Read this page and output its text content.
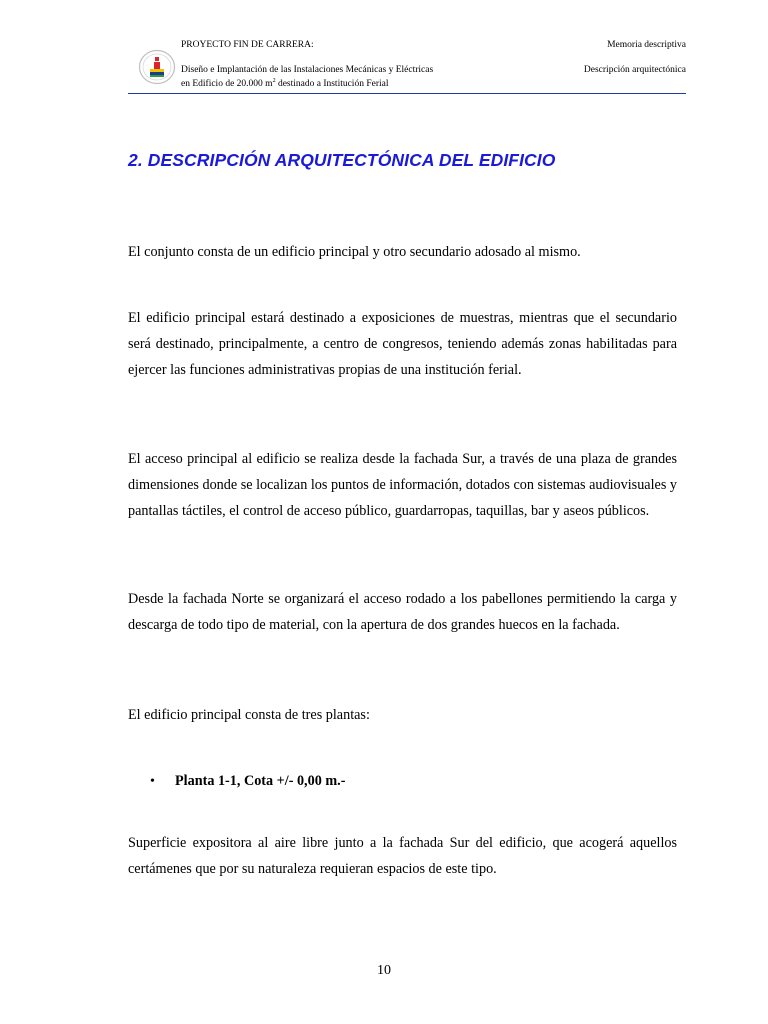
PROYECTO FIN DE CARRERA:
Diseño e Implantación de las Instalaciones Mecánicas y Eléctricas
en Edificio de 20.000 $m^2$ destinado a Institución Ferial
Memoria descriptiva
Descripción arquitectónica
2. DESCRIPCIÓN ARQUITECTÓNICA DEL EDIFICIO

El conjunto consta de un edificio principal y otro secundario adosado al mismo.

El edificio principal estará destinado a exposiciones de muestras, mientras que el secundario será destinado, principalmente, a centro de congresos, teniendo además zonas habilitadas para ejercer las funciones administrativas propias de una institución ferial.

El acceso principal al edificio se realiza desde la fachada Sur, a través de una plaza de grandes dimensiones donde se localizan los puntos de información, dotados con sistemas audiovisuales y pantallas táctiles, el control de acceso público, guardarropas, taquillas, bar y aseos públicos.

Desde la fachada Norte se organizará el acceso rodado a los pabellones permitiendo la carga y descarga de todo tipo de material, con la apertura de dos grandes huecos en la fachada.

El edificio principal consta de tres plantas:

• Planta 1-1, Cota +/- 0,00 m.-

Superficie expositora al aire libre junto a la fachada Sur del edificio, que acogerá aquellos certámenes que por su naturaleza requieran espacios de este tipo.

10
